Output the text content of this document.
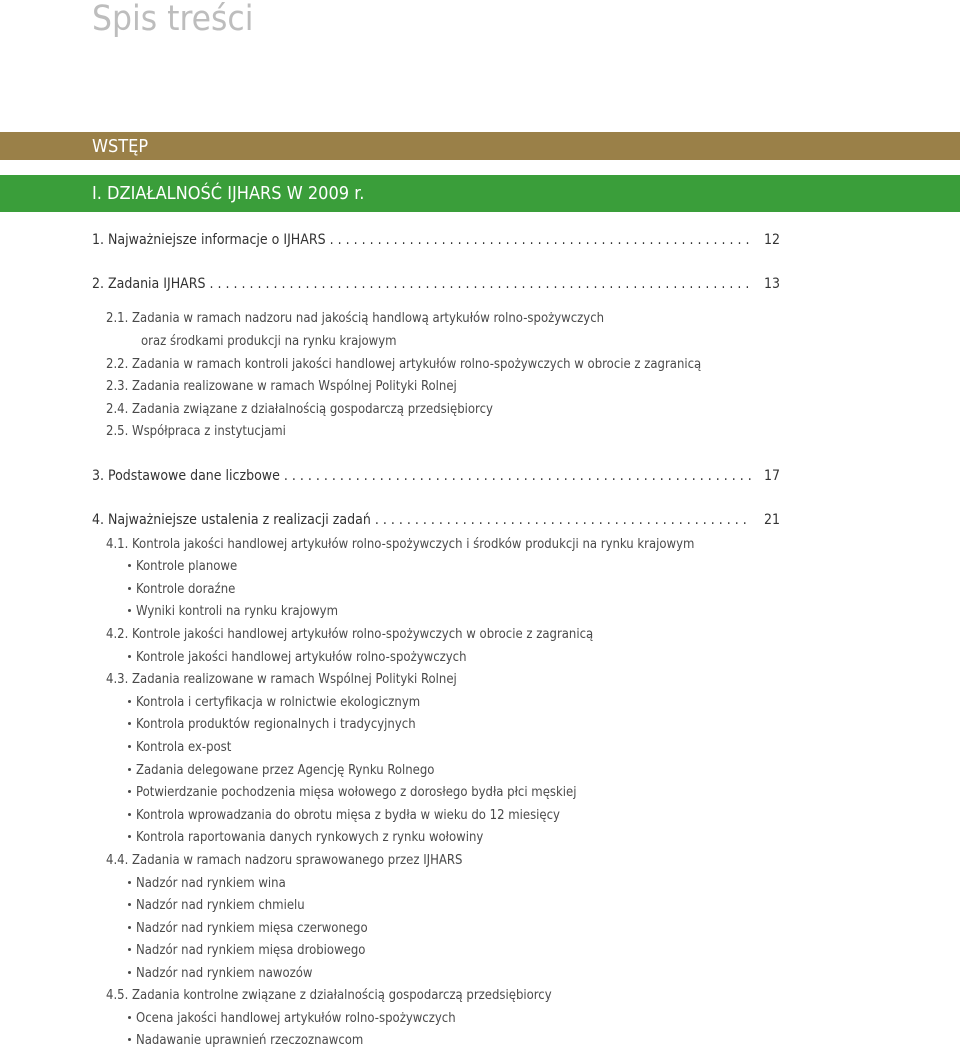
Spis treści
WSTĘP
I. DZIAŁALNOŚĆ IJHARS W 2009 r.
1. Najważniejsze informacje o IJHARS . . .	12
2. Zadania IJHARS . . .	13
2.1. Zadania w ramach nadzoru nad jakością handlową artykułów rolno-spożywczych
oraz środkami produkcji na rynku krajowym
2.2. Zadania w ramach kontroli jakości handlowej artykułów rolno-spożywczych w obrocie z zagranicą
2.3. Zadania realizowane w ramach Wspólnej Polityki Rolnej
2.4. Zadania związane z działalnością gospodarczą przedsiębiorcy
2.5. Współpraca z instytucjami
3. Podstawowe dane liczbowe . . .	17
4. Najważniejsze ustalenia z realizacji zadań . . .	21
4.1. Kontrola jakości handlowej artykułów rolno-spożywczych i środków produkcji na rynku krajowym
Kontrole planowe
Kontrole doraźne
Wyniki kontroli na rynku krajowym
4.2. Kontrole jakości handlowej artykułów rolno-spożywczych w obrocie z zagranicą
Kontrole jakości handlowej artykułów rolno-spożywczych
4.3. Zadania realizowane w ramach Wspólnej Polityki Rolnej
Kontrola i certyfikacja w rolnictwie ekologicznym
Kontrola produktów regionalnych i tradycyjnych
Kontrola ex-post
Zadania delegowane przez Agencję Rynku Rolnego
Potwierdzanie pochodzenia mięsa wołowego z dorosłego bydła płci męskiej
Kontrola wprowadzania do obrotu mięsa z bydła w wieku do 12 miesięcy
Kontrola raportowania danych rynkowych z rynku wołowiny
4.4. Zadania w ramach nadzoru sprawowanego przez IJHARS
Nadzór nad rynkiem wina
Nadzór nad rynkiem chmielu
Nadzór nad rynkiem mięsa czerwonego
Nadzór nad rynkiem mięsa drobiowego
Nadzór nad rynkiem nawozów
4.5. Zadania kontrolne związane z działalnością gospodarczą przedsiębiorcy
Ocena jakości handlowej artykułów rolno-spożywczych
Nadawanie uprawnień rzeczoznawcom
